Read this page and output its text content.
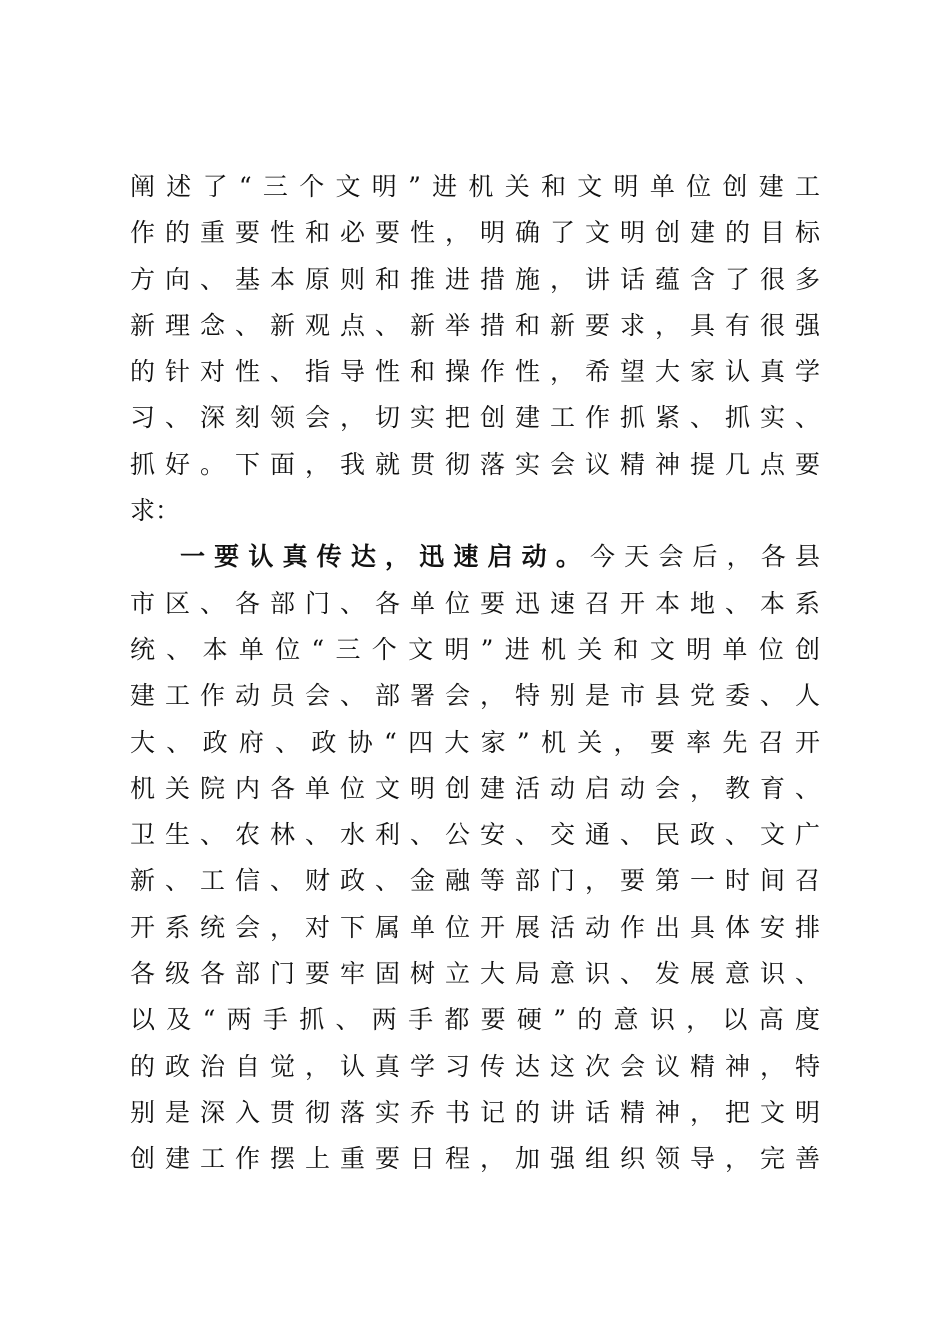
阐述了“三个文明”进机关和文明单位创建工
作的重要性和必要性，明确了文明创建的目标
方向、基本原则和推进措施，讲话蕴含了很多
新理念、新观点、新举措和新要求，具有很强
的针对性、指导性和操作性，希望大家认真学
习、深刻领会，切实把创建工作抓紧、抓实、
抓好。下面，我就贯彻落实会议精神提几点要
求：
一要认真传达，迅速启动。今天会后，各县
市区、各部门、各单位要迅速召开本地、本系
统、本单位“三个文明”进机关和文明单位创
建工作动员会、部署会，特别是市县党委、人
大、政府、政协“四大家”机关，要率先召开
机关院内各单位文明创建活动启动会，教育、
卫生、农林、水利、公安、交通、民政、文广
新、工信、财政、金融等部门，要第一时间召
开系统会，对下属单位开展活动作出具体安排
各级各部门要牢固树立大局意识、发展意识、
以及“两手抓、两手都要硬”的意识，以高度
的政治自觉，认真学习传达这次会议精神，特
别是深入贯彻落实乔书记的讲话精神，把文明
创建工作摆上重要日程，加强组织领导，完善
